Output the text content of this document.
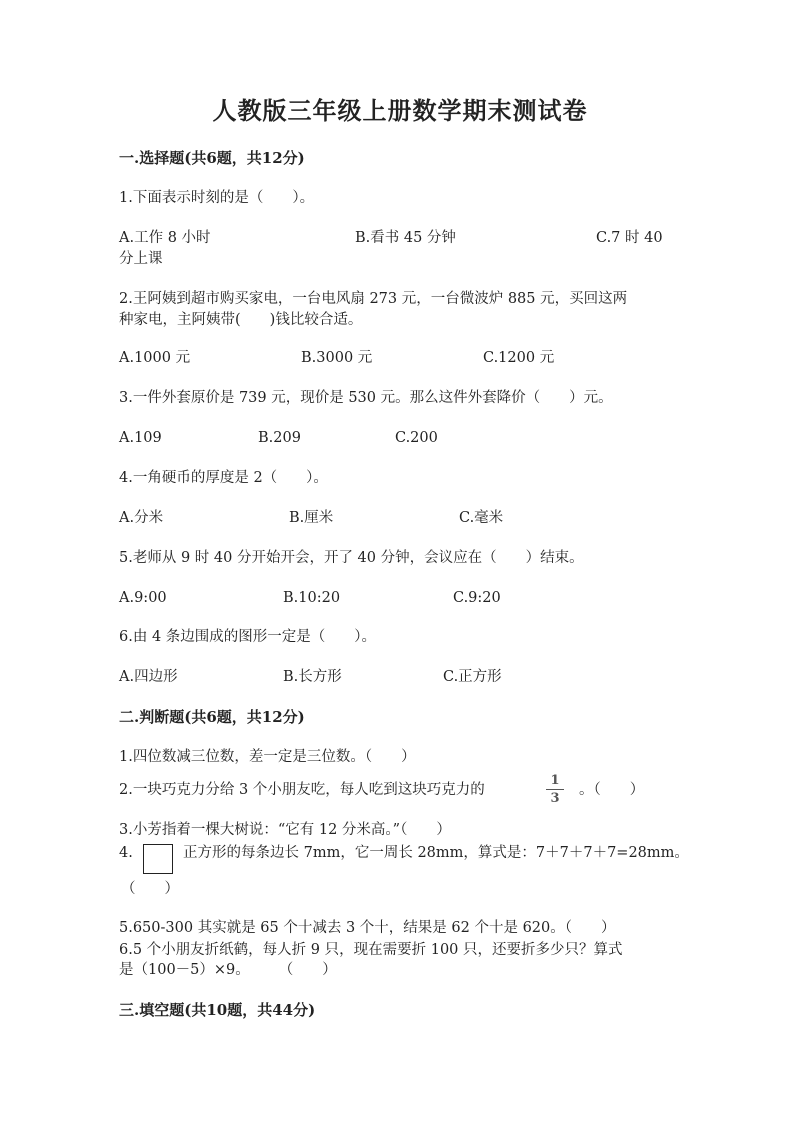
人教版三年级上册数学期末测试卷
一.选择题(共6题，共12分)
1.下面表示时刻的是（　　）。
A.工作 8 小时	B.看书 45 分钟	C.7 时 40
分上课
2.王阿姨到超市购买家电，一台电风扇 273 元，一台微波炉 885 元，买回这两
种家电，主阿姨带(　　)钱比较合适。
A.1000 元	B.3000 元	C.1200 元
3.一件外套原价是 739 元，现价是 530 元。那么这件外套降价（　　）元。
A.109	B.209	C.200
4.一角硬币的厚度是 2（　　）。
A.分米	B.厘米	C.毫米
5.老师从 9 时 40 分开始开会，开了 40 分钟，会议应在（　　）结束。
A.9:00	B.10:20	C.9:20
6.由 4 条边围成的图形一定是（　　）。
A.四边形	B.长方形	C.正方形
二.判断题(共6题，共12分)
1.四位数减三位数，差一定是三位数。（　　）
2.一块巧克力分给 3 个小朋友吃，每人吃到这块巧克力的
1
3
。（　　）
3.小芳指着一棵大树说：“它有 12 分米高。”（　　）
4.	正方形的每条边长 7mm，它一周长 28mm，算式是：7＋7＋7＋7=28mm。
（　　）
5.650-300 其实就是 65 个十减去 3 个十，结果是 62 个十是 620。（　　）
6.5 个小朋友折纸鹤，每人折 9 只，现在需要折 100 只，还要折多少只？算式
是（100－5）×9。　　　（　　）
三.填空题(共10题，共44分)
